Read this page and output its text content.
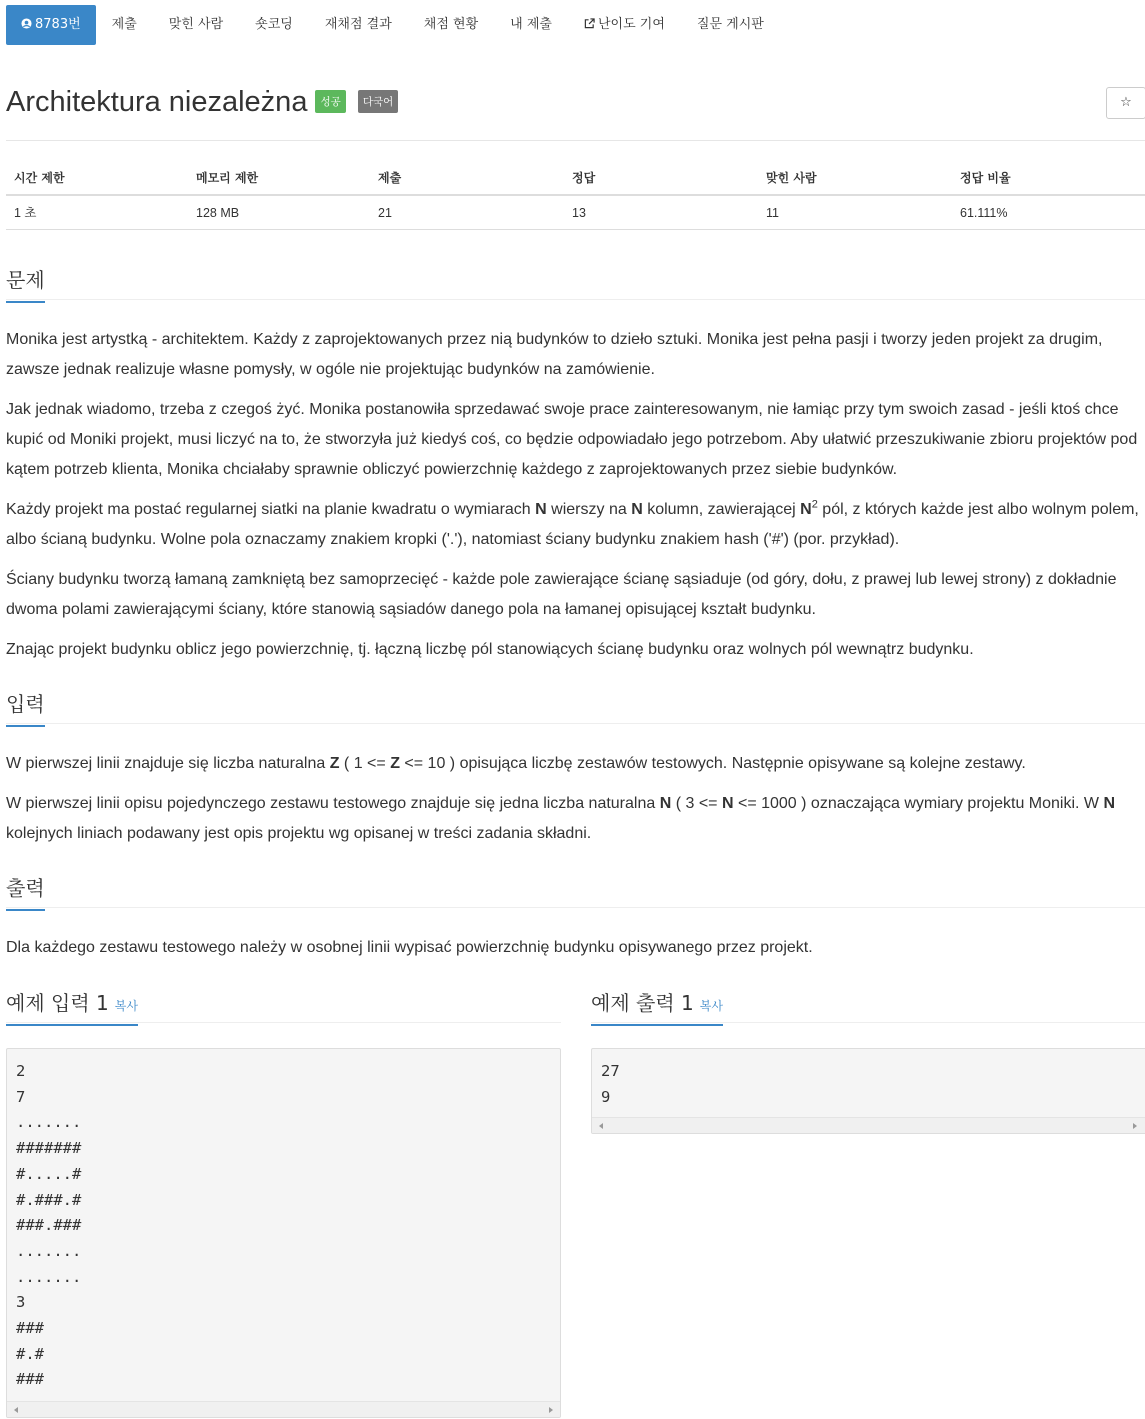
8783번	제출	맞힌 사람	숏코딩	재채점 결과	채점 현황	내 제출	난이도 기여	질문 게시판
Architektura niezależna 성공 다국어	☆
시간 제한	메모리 제한	제출	정답	맞힌 사람	정답 비율
1 초	128 MB	21	13	11	61.111%
문제

Monika jest artystką - architektem. Każdy z zaprojektowanych przez nią budynków to dzieło sztuki. Monika jest pełna pasji i tworzy jeden projekt za drugim, zawsze jednak realizuje własne pomysły, w ogóle nie projektując budynków na zamówienie.

Jak jednak wiadomo, trzeba z czegoś żyć. Monika postanowiła sprzedawać swoje prace zainteresowanym, nie łamiąc przy tym swoich zasad - jeśli ktoś chce kupić od Moniki projekt, musi liczyć na to, że stworzyła już kiedyś coś, co będzie odpowiadało jego potrzebom. Aby ułatwić przeszukiwanie zbioru projektów pod kątem potrzeb klienta, Monika chciałaby sprawnie obliczyć powierzchnię każdego z zaprojektowanych przez siebie budynków.

Każdy projekt ma postać regularnej siatki na planie kwadratu o wymiarach N wierszy na N kolumn, zawierającej $N^2$ pól, z których każde jest albo wolnym polem, albo ścianą budynku. Wolne pola oznaczamy znakiem kropki ('.'), natomiast ściany budynku znakiem hash ('#') (por. przykład).

Ściany budynku tworzą łamaną zamkniętą bez samoprzecięć - każde pole zawierające ścianę sąsiaduje (od góry, dołu, z prawej lub lewej strony) z dokładnie dwoma polami zawierającymi ściany, które stanowią sąsiadów danego pola na łamanej opisującej kształt budynku.

Znając projekt budynku oblicz jego powierzchnię, tj. łączną liczbę pól stanowiących ścianę budynku oraz wolnych pól wewnątrz budynku.

입력

W pierwszej linii znajduje się liczba naturalna Z ( 1 <= Z <= 10 ) opisująca liczbę zestawów testowych. Następnie opisywane są kolejne zestawy.

W pierwszej linii opisu pojedynczego zestawu testowego znajduje się jedna liczba naturalna N ( 3 <= N <= 1000 ) oznaczająca wymiary projektu Moniki. W N kolejnych liniach podawany jest opis projektu wg opisanej w treści zadania składni.

출력

Dla każdego zestawu testowego należy w osobnej linii wypisać powierzchnię budynku opisywanego przez projekt.

예제 입력 1 복사
2
7
.......
#######
#.....#
#.###.#
###.###
.......
.......
3
###
#.#
###
예제 출력 1 복사
27
9
